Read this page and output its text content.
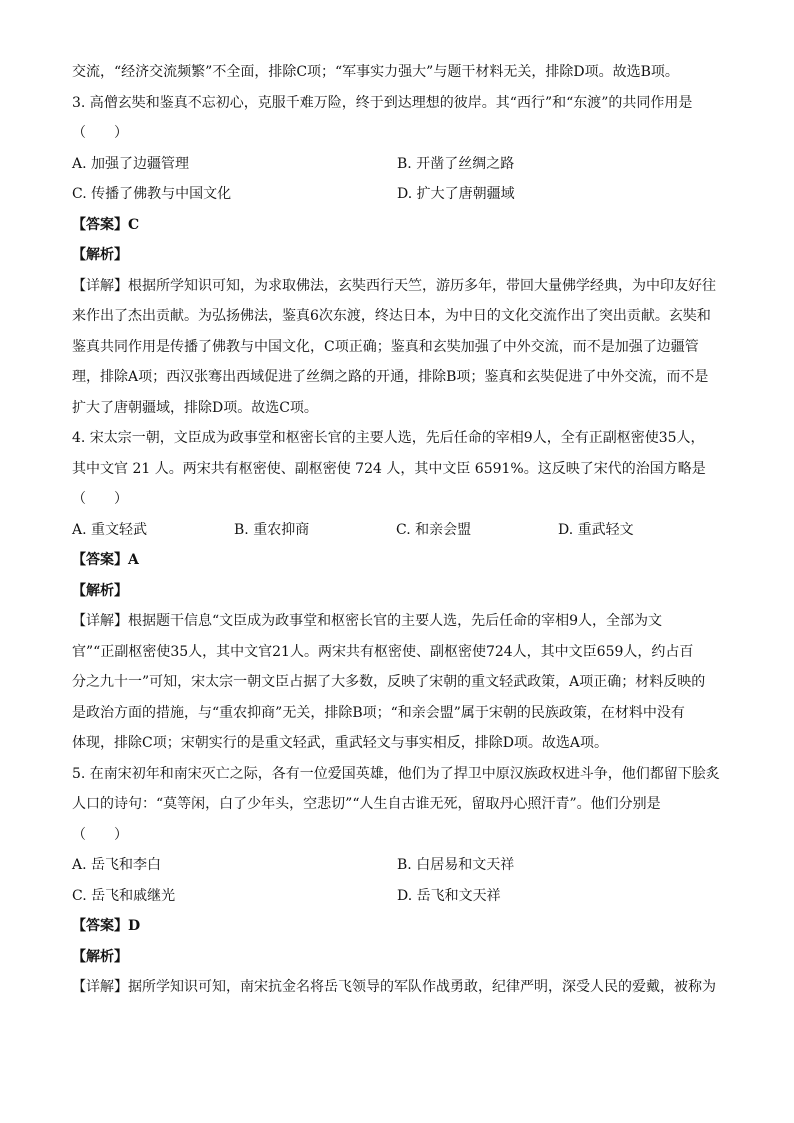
交流，“经济交流频繁”不全面，排除C项；“军事实力强大”与题干材料无关，排除D项。故选B项。

3. 高僧玄奘和鉴真不忘初心，克服千难万险，终于到达理想的彼岸。其“西行”和“东渡”的共同作用是

（　　）

A. 加强了边疆管理	B. 开凿了丝绸之路
C. 传播了佛教与中国文化	D. 扩大了唐朝疆域

【答案】C

【解析】

【详解】根据所学知识可知，为求取佛法，玄奘西行天竺，游历多年，带回大量佛学经典，为中印友好往

来作出了杰出贡献。为弘扬佛法，鉴真6次东渡，终达日本，为中日的文化交流作出了突出贡献。玄奘和

鉴真共同作用是传播了佛教与中国文化，C项正确；鉴真和玄奘加强了中外交流，而不是加强了边疆管

理，排除A项；西汉张骞出西域促进了丝绸之路的开通，排除B项；鉴真和玄奘促进了中外交流，而不是

扩大了唐朝疆域，排除D项。故选C项。

4. 宋太宗一朝，文臣成为政事堂和枢密长官的主要人选，先后任命的宰相9人，全有正副枢密使35人，

其中文官 21 人。两宋共有枢密使、副枢密使 724 人，其中文臣 6591%。这反映了宋代的治国方略是

（　　）

A. 重文轻武	B. 重农抑商	C. 和亲会盟	D. 重武轻文

【答案】A

【解析】

【详解】根据题干信息“文臣成为政事堂和枢密长官的主要人选，先后任命的宰相9人，全部为文

官”“正副枢密使35人，其中文官21人。两宋共有枢密使、副枢密使724人，其中文臣659人，约占百

分之九十一”可知，宋太宗一朝文臣占据了大多数，反映了宋朝的重文轻武政策，A项正确；材料反映的

是政治方面的措施，与“重农抑商”无关，排除B项；“和亲会盟”属于宋朝的民族政策，在材料中没有

体现，排除C项；宋朝实行的是重文轻武，重武轻文与事实相反，排除D项。故选A项。

5. 在南宋初年和南宋灭亡之际，各有一位爱国英雄，他们为了捍卫中原汉族政权进斗争，他们都留下脍炙

人口的诗句：“莫等闲，白了少年头，空悲切”“人生自古谁无死，留取丹心照汗青”。他们分别是

（　　）

A. 岳飞和李白	B. 白居易和文天祥
C. 岳飞和戚继光	D. 岳飞和文天祥

【答案】D

【解析】

【详解】据所学知识可知，南宋抗金名将岳飞领导的军队作战勇敢，纪律严明，深受人民的爱戴，被称为
